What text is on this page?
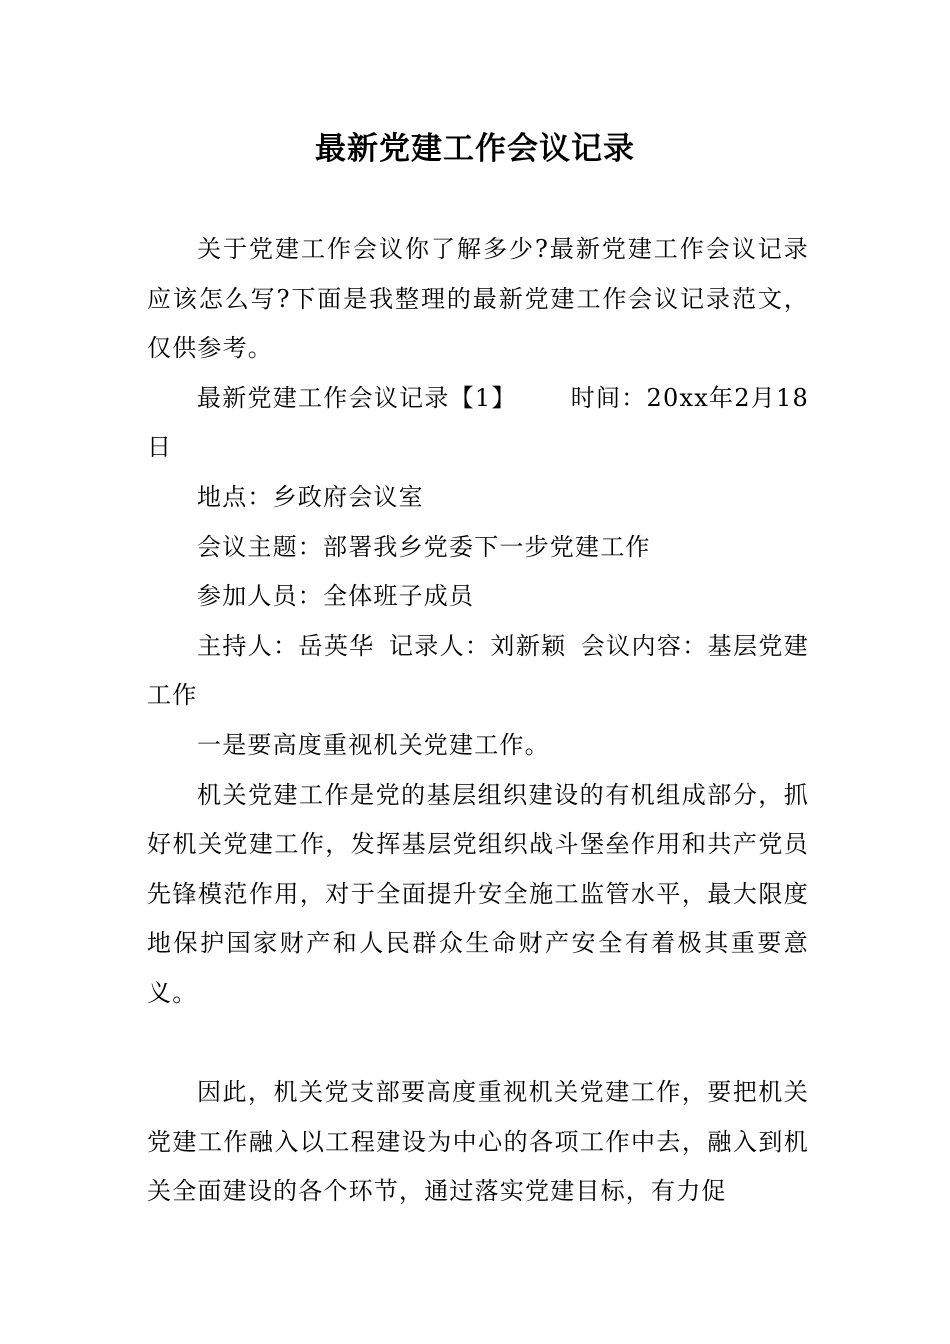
最新党建工作会议记录

关于党建工作会议你了解多少?最新党建工作会议记录应该怎么写?下面是我整理的最新党建工作会议记录范文，仅供参考。

最新党建工作会议记录【1】 时间：20xx年2月18日

地点：乡政府会议室

会议主题：部署我乡党委下一步党建工作

参加人员：全体班子成员

主持人：岳英华 记录人：刘新颖 会议内容：基层党建工作

一是要高度重视机关党建工作。

机关党建工作是党的基层组织建设的有机组成部分，抓好机关党建工作，发挥基层党组织战斗堡垒作用和共产党员先锋模范作用，对于全面提升安全施工监管水平，最大限度地保护国家财产和人民群众生命财产安全有着极其重要意义。

因此，机关党支部要高度重视机关党建工作，要把机关党建工作融入以工程建设为中心的各项工作中去，融入到机关全面建设的各个环节，通过落实党建目标，有力促
